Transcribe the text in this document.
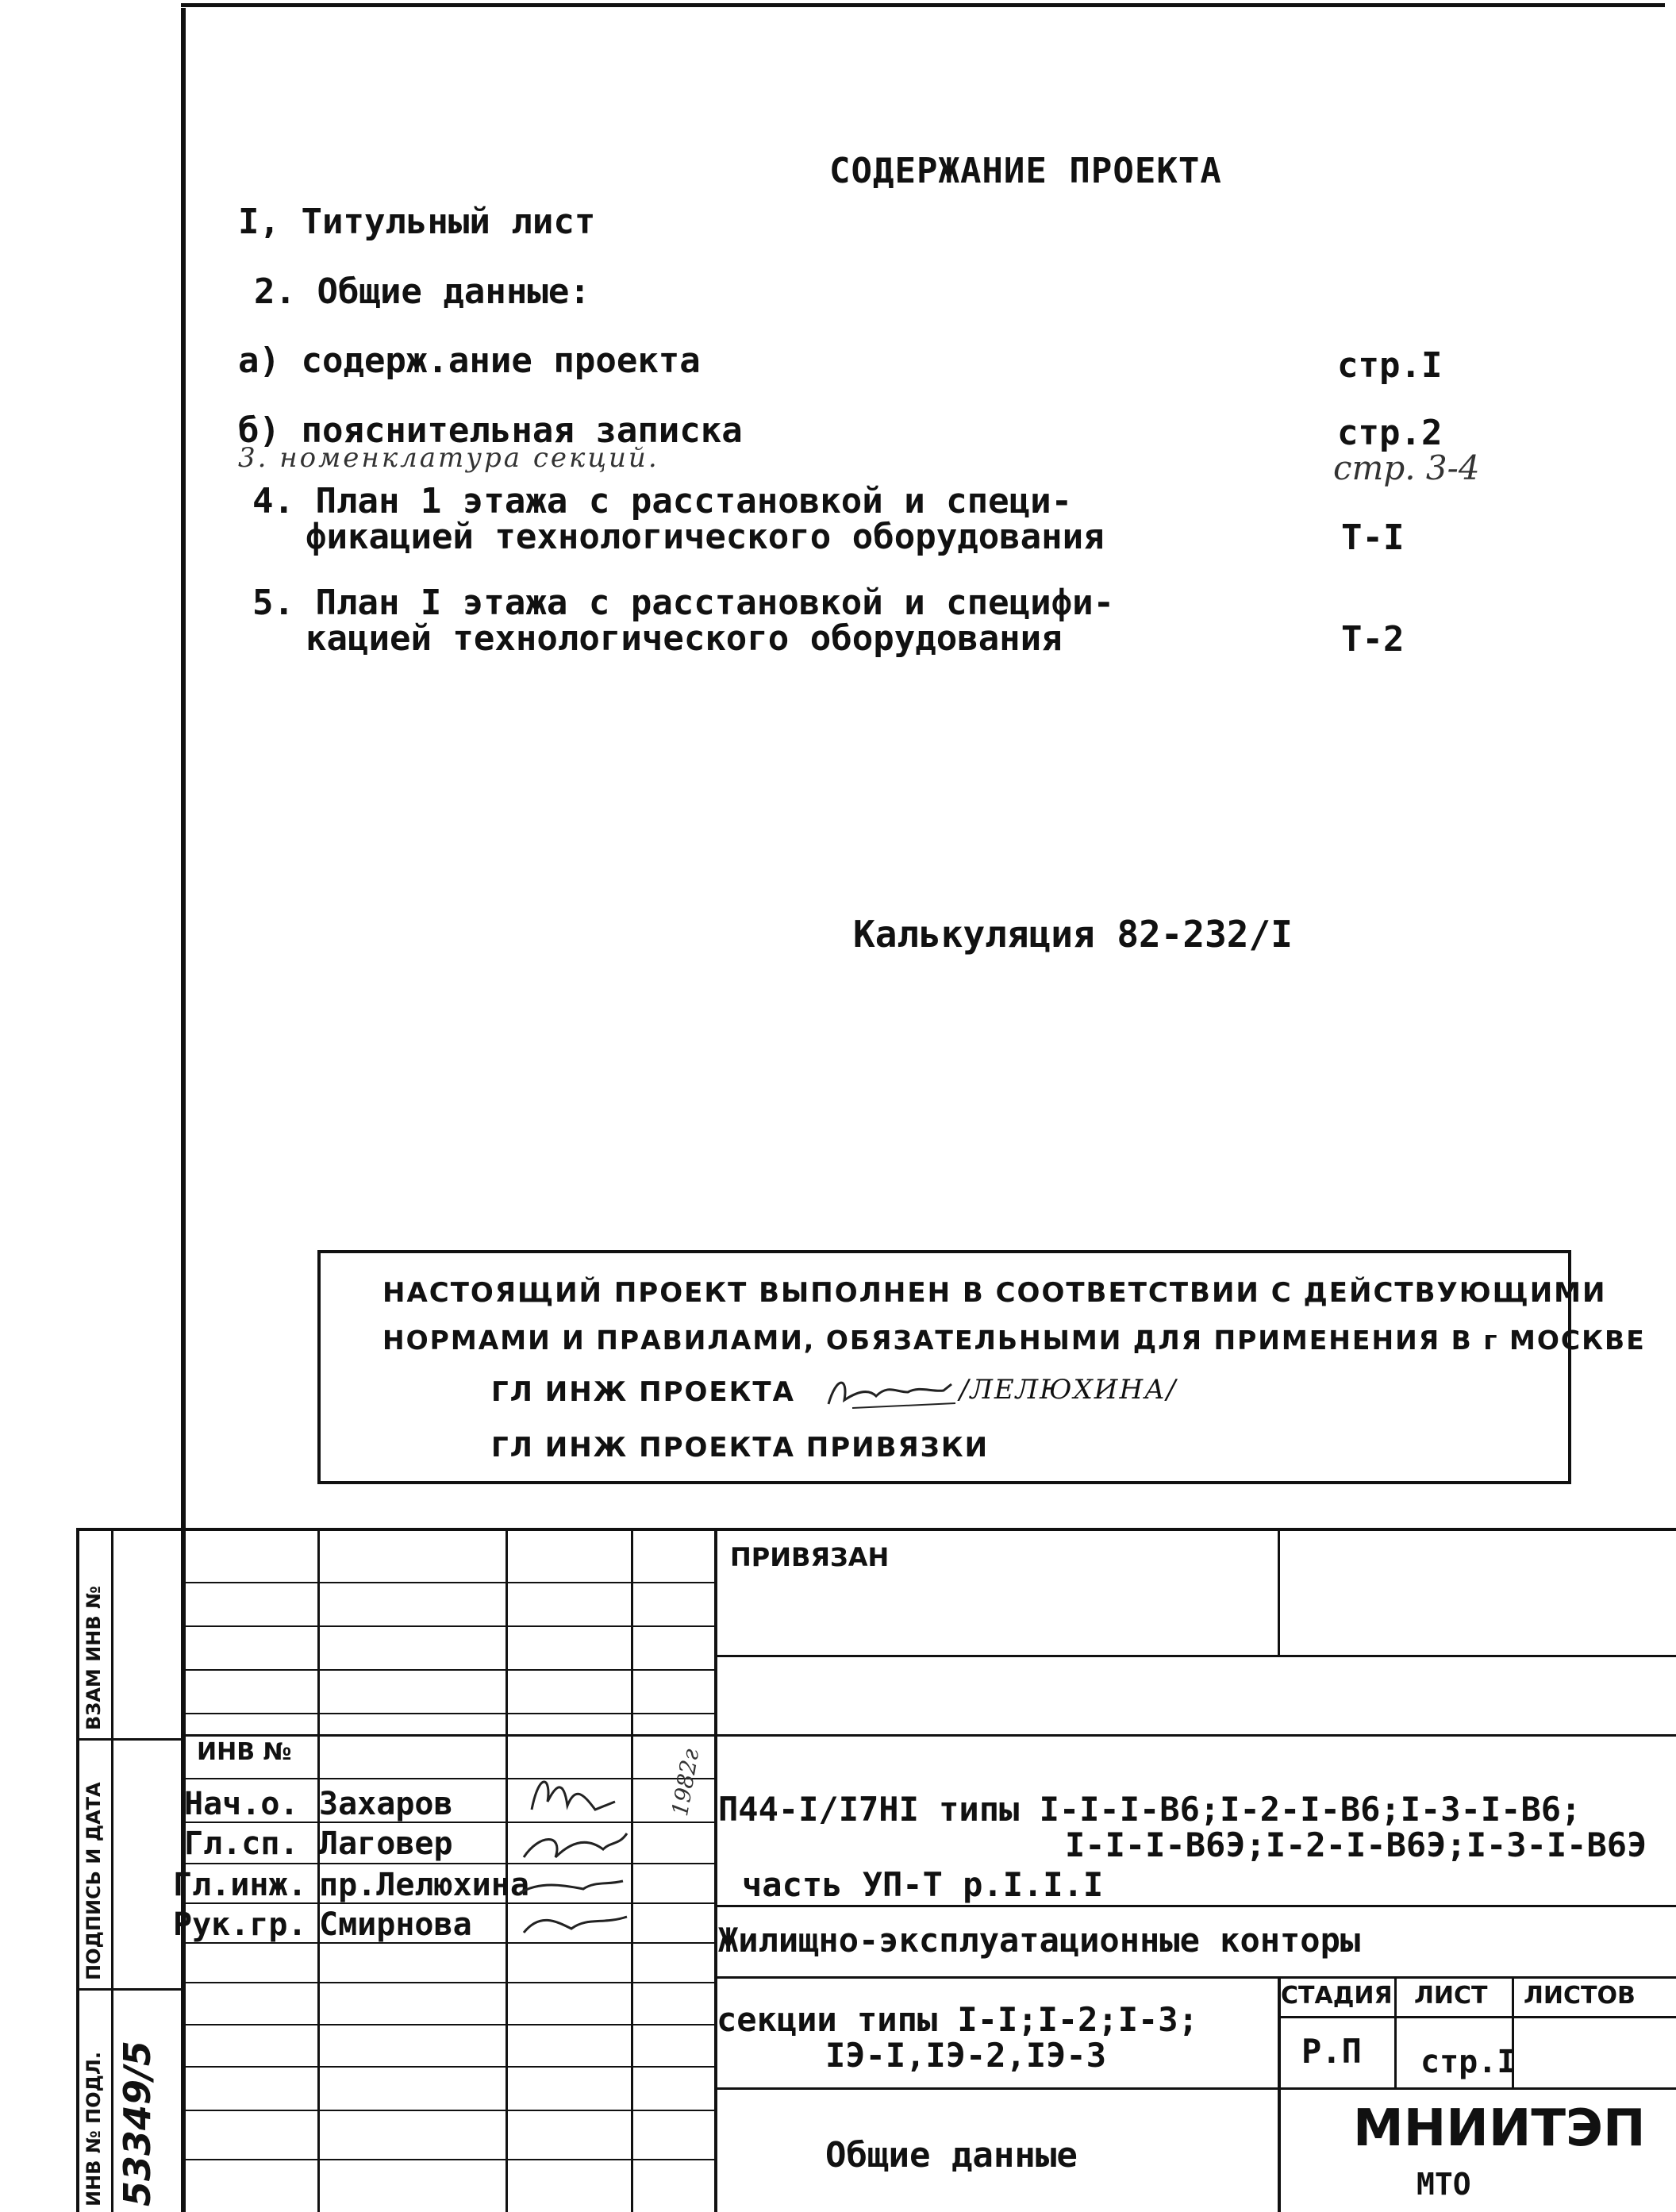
СОДЕРЖАНИЕ ПРОЕКТА
I, Титульный лист
2. Общие данные:
а) содерж.ание проекта	стр.I
б) пояснительная записка	стр.2
3. номенклатура секций.	стр. 3-4
4. План 1 этажа с расстановкой и специ-
фикацией технологического оборудования	Т-I
5. План I этажа с расстановкой и специфи-
кацией технологического оборудования	Т-2
Калькуляция 82-232/I
НАСТОЯЩИЙ ПРОЕКТ ВЫПОЛНЕН В СООТВЕТСТВИИ С ДЕЙСТВУЮЩИМИ
НОРМАМИ И ПРАВИЛАМИ, ОБЯЗАТЕЛЬНЫМИ ДЛЯ ПРИМЕНЕНИЯ В г МОСКВЕ
ГЛ ИНЖ ПРОЕКТА	/ЛЕЛЮХИНА/
ГЛ ИНЖ ПРОЕКТА ПРИВЯЗКИ
ВЗАМ ИНВ №
ПОДПИСЬ И ДАТА
ИНВ № ПОДЛ. 53349/5
ПРИВЯЗАН
ИНВ №
Нач.о. Захаров
Гл.сп. Лаговер
Гл.инж. пр.Лелюхина
Рук.гр. Смирнова
1982г П44-I/I7НI типы I-I-I-В6;I-2-I-В6;I-3-I-В6;
I-I-I-В6Э;I-2-I-В6Э;I-3-I-В6Э
часть УП-Т р.I.I.I
Жилищно-эксплуатационные конторы
СТАДИЯ ЛИСТ ЛИСТОВ
секции типы I-I;I-2;I-3;
IЭ-I,IЭ-2,IЭ-3	Р.П стр.I
Общие данные	МНИИТЭП
МТО
